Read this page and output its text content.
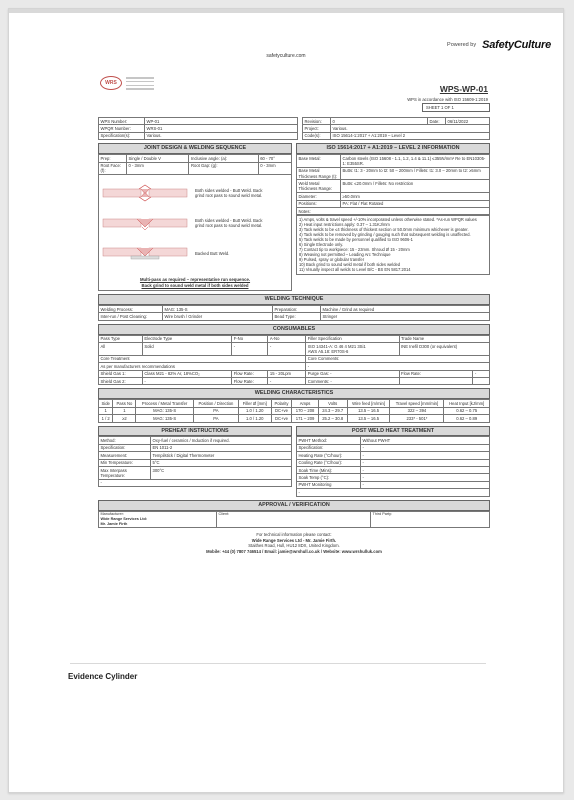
Powered by SafetyCulture
safetyculture.com
WRS
WPS-WP-01
WPS in accordance with ISO 15609-1:2019
SHEET 1 OF 1
WPS Number:	WP-01
WPQR Number:	WRS-01
Specification(s):	Various.
Revision:	0	Date:	06/11/2022
Project:	Various.		
Code(s):	ISO 15614-1:2017 + A1:2019 – Level 2		
JOINT DESIGN & WELDING SEQUENCE
Prep:	Single / Double V	Inclusive angle: (a):	60 - 70°
Root Face: (f):	0 - 3mm	Root Gap: (g):	0 - 3mm
Both sides welded - Butt Weld. Back grind root pass to sound weld metal.
Both sides welded - Butt Weld. Back grind root pass to sound weld metal.
Backed Butt Weld.
Multi-pass as required – representative run sequence.
Back grind to sound weld metal if both sides welded
ISO 15614:2017 + A1:2019 – LEVEL 2 INFORMATION
Base Metal:	Carbon steels (ISO 15608 - 1.1, 1.2, 1.4 & 11.1) ≤355N/mm² Re to EN10305-1: E355SR.
Base Metal Thickness Range (t):	Butts: t1: 3 - 20mm to t2: 50 – 200mm / Fillets: t1: 3.0 – 20mm to t2: ≥5mm
Weld Metal Thickness Range:	Butts: ≤20.0mm / Fillets: No restriction
Diameter:	≥50.0mm
Positions:	PA: Flat / Flat Rotated
Notes:	
1) Amps, volts & travel speed +/-10% incorporated unless otherwise stated. *As-run WPQR values
2) Heat input restrictions apply: 0.37 – 1.31KJ/mm
3) Tack welds to be ≤4 thickness of thickest section or 50.0mm minimum whichever is greater.
4) Tack welds to be removed by grinding / gouging such that subsequent welding is unaffected.
5) Tack welds to be made by personnel qualified to ISO 9606-1
6) Single Electrode only.
7) Contact tip to workpiece: 15 - 23mm. Shroud Ø 15 - 20mm
8) Weaving not permitted – Leading Arc Technique
9) Pulsed, spray or globular transfer
10) Back grind to sound weld metal if both sides welded
11) Visually inspect all welds to Level B/C - BS EN 5817:2014
WELDING TECHNIQUE
Welding Process:	MAG: 135-S	Preparation:	Machine / Grind as required
Inter-run / Post Cleaning:	Wire brush / Grinder	Bead Type:	Stringer
CONSUMABLES
Pass Type	Electrode Type	F-No	A-No	Filler Specification	Trade Name	
All	Solid	-	-	ISO 14341-A: G 46 4 M21 3Si1
AWS A5.18: ER70S-6	INE Inefil D300 (or equivalent)	
Core Treatment				Core Comments:		
As per manufacturers recommendations				-		
Shield Gas 1:	Class M21 - 82% Ar, 18%CO₂	Flow Rate:	15 - 20Lpm	Purge Gas: -	Flow Rate:	-
Shield Gas 2:	-	Flow Rate:	-	Comments: -		
WELDING CHARACTERISTICS
Side	Pass No	Process / Metal Transfer	Position / Direction	Filler Ø [mm]	Polarity	Amps	Volts	Wire feed [m/min]	Travel speed [mm/min]	Heat Input [kJ/mm]
1	1	MAG: 135-S	PA	1.0 / 1.20	DC+ve	170 – 208	24.3 – 29.7	13.5 – 16.5	322 – 394	0.62 – 0.75
1 / 2	≥2	MAG: 135-S	PA	1.0 / 1.20	DC+ve	171 – 209	25.2 – 30.8	13.5 – 16.5	233* - 501*	0.62 – 0.89
PREHEAT INSTRUCTIONS
Method:	Oxy-fuel / ceramics / Induction if required.
Specification:	EN 1011-2
Measurement:	Tempilstick / Digital Thermometer
Min Temperature:	5°C
Max Interpass Temperature:	300°C
-	
POST WELD HEAT TREATMENT
PWHT Method:	Without PWHT
Specification:	-
Heating Rate (°C/hour):	-
Cooling Rate (°C/hour):	-
Soak Time (Mins):	-
Soak Temp (°C):	-
PWHT Monitoring	-
-	
APPROVAL / VERIFICATION
Manufacturer:
Wide Range Services Ltd:
Mr. Jamie Firth	Client:	Third Party:
For technical information please contact:
Wide Range Services Ltd - Mr. Jamie Firth.
Staithes Road, Hull, HU12 8DX, United Kingdom.
Mobile: +44 (0) 7807 746514 / Email: jamie@wrshull.co.uk / Website: www.wrshulluk.com
Evidence Cylinder
